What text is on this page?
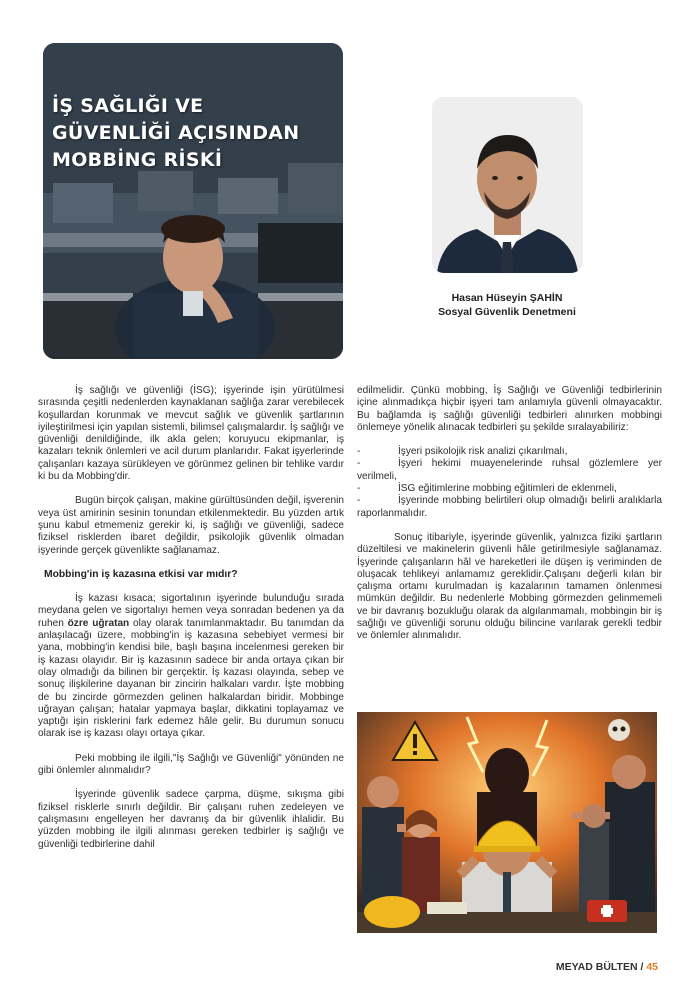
İŞ SAĞLIĞI VE
GÜVENLİĞİ AÇISINDAN
MOBBİNG RİSKİ
Hasan Hüseyin ŞAHİN
Sosyal Güvenlik Denetmeni

İş sağlığı ve güvenliği (İSG); işyerinde işin yürütülmesi sırasında çeşitli nedenlerden kaynaklanan sağlığa zarar verebilecek koşullardan korunmak ve mevcut sağlık ve güvenlik şartlarının iyileştirilmesi için yapılan sistemli, bilimsel çalışmalardır. İş sağlığı ve güvenliği denildiğinde, ilk akla gelen; koruyucu ekipmanlar, iş kazaları teknik önlemleri ve acil durum planlarıdır. Fakat işyerlerinde çalışanları kazaya sürükleyen ve görünmez gelinen bir tehlike vardır ki bu da Mobbing'dir.

Bugün birçok çalışan, makine gürültüsünden değil, işverenin veya üst amirinin sesinin tonundan etkilenmektedir. Bu yüzden artık şunu kabul etmemeniz gerekir ki, iş sağlığı ve güvenliği, sadece fiziksel risklerden ibaret değildir, psikolojik güvenlik olmadan işyerinde gerçek güvenlikte sağlanamaz.

Mobbing'in iş kazasına etkisi var mıdır?

İş kazası kısaca; sigortalının işyerinde bulunduğu sırada meydana gelen ve sigortalıyı hemen veya sonradan bedenen ya da ruhen özre uğratan olay olarak tanımlanmaktadır. Bu tanımdan da anlaşılacağı üzere, mobbing'in iş kazasına sebebiyet vermesi bir yana, mobbing'in kendisi bile, başlı başına incelenmesi gereken bir iş kazası olayıdır. Bir iş kazasının sadece bir anda ortaya çıkan bir olay olmadığı da bilinen bir gerçektir. İş kazası olayında, sebep ve sonuç ilişkilerine dayanan bir zincirin halkaları vardır. İşte mobbing de bu zincirde görmezden gelinen halkalardan biridir. Mobbinge uğrayan çalışan; hatalar yapmaya başlar, dikkatini toplayamaz ve yaptığı işin risklerini fark edemez hâle gelir. Bu durumun sonucu olarak ise iş kazası olayı ortaya çıkar.

Peki mobbing ile ilgili,"İş Sağlığı ve Güvenliği" yönünden ne gibi önlemler alınmalıdır?

İşyerinde güvenlik sadece çarpma, düşme, sıkışma gibi fiziksel risklerle sınırlı değildir. Bir çalışanı ruhen zedeleyen ve çalışmasını engelleyen her davranış da bir güvenlik ihlalidir. Bu yüzden mobbing ile ilgili alınması gereken tedbirler iş sağlığı ve güvenliği tedbirlerine dahil

edilmelidir. Çünkü mobbing, İş Sağlığı ve Güvenliği tedbirlerinin içine alınmadıkça hiçbir işyeri tam anlamıyla güvenli olmayacaktır. Bu bağlamda iş sağlığı güvenliği tedbirleri alınırken mobbingi önlemeye yönelik alınacak tedbirleri şu şekilde sıralayabiliriz:

-	İşyeri psikolojik risk analizi çıkarılmalı,

-	İşyeri hekimi muayenelerinde ruhsal gözlemlere yer verilmeli,

-	İSG eğitimlerine mobbing eğitimleri de eklenmeli,

-	İşyerinde mobbing belirtileri olup olmadığı belirli aralıklarla raporlanmalıdır.

Sonuç itibariyle, işyerinde güvenlik, yalnızca fiziki şartların düzeltilesi ve makinelerin güvenli hâle getirilmesiyle sağlanamaz. İşyerinde çalışanların hâl ve hareketleri ile düşen iş veriminden de oluşacak tehlikeyi anlamamız gereklidir.Çalışanı değerli kılan bir çalışma ortamı kurulmadan iş kazalarının tamamen önlenmesi mümkün değildir. Bu nedenlerle Mobbing görmezden gelinmemeli ve bir davranış bozukluğu olarak da algılanmamalı, mobbingin bir iş sağlığı ve güvenliği sorunu olduğu bilincine varılarak gerekli tedbir ve önlemler alınmalıdır.

MEYAD BÜLTEN / 45
